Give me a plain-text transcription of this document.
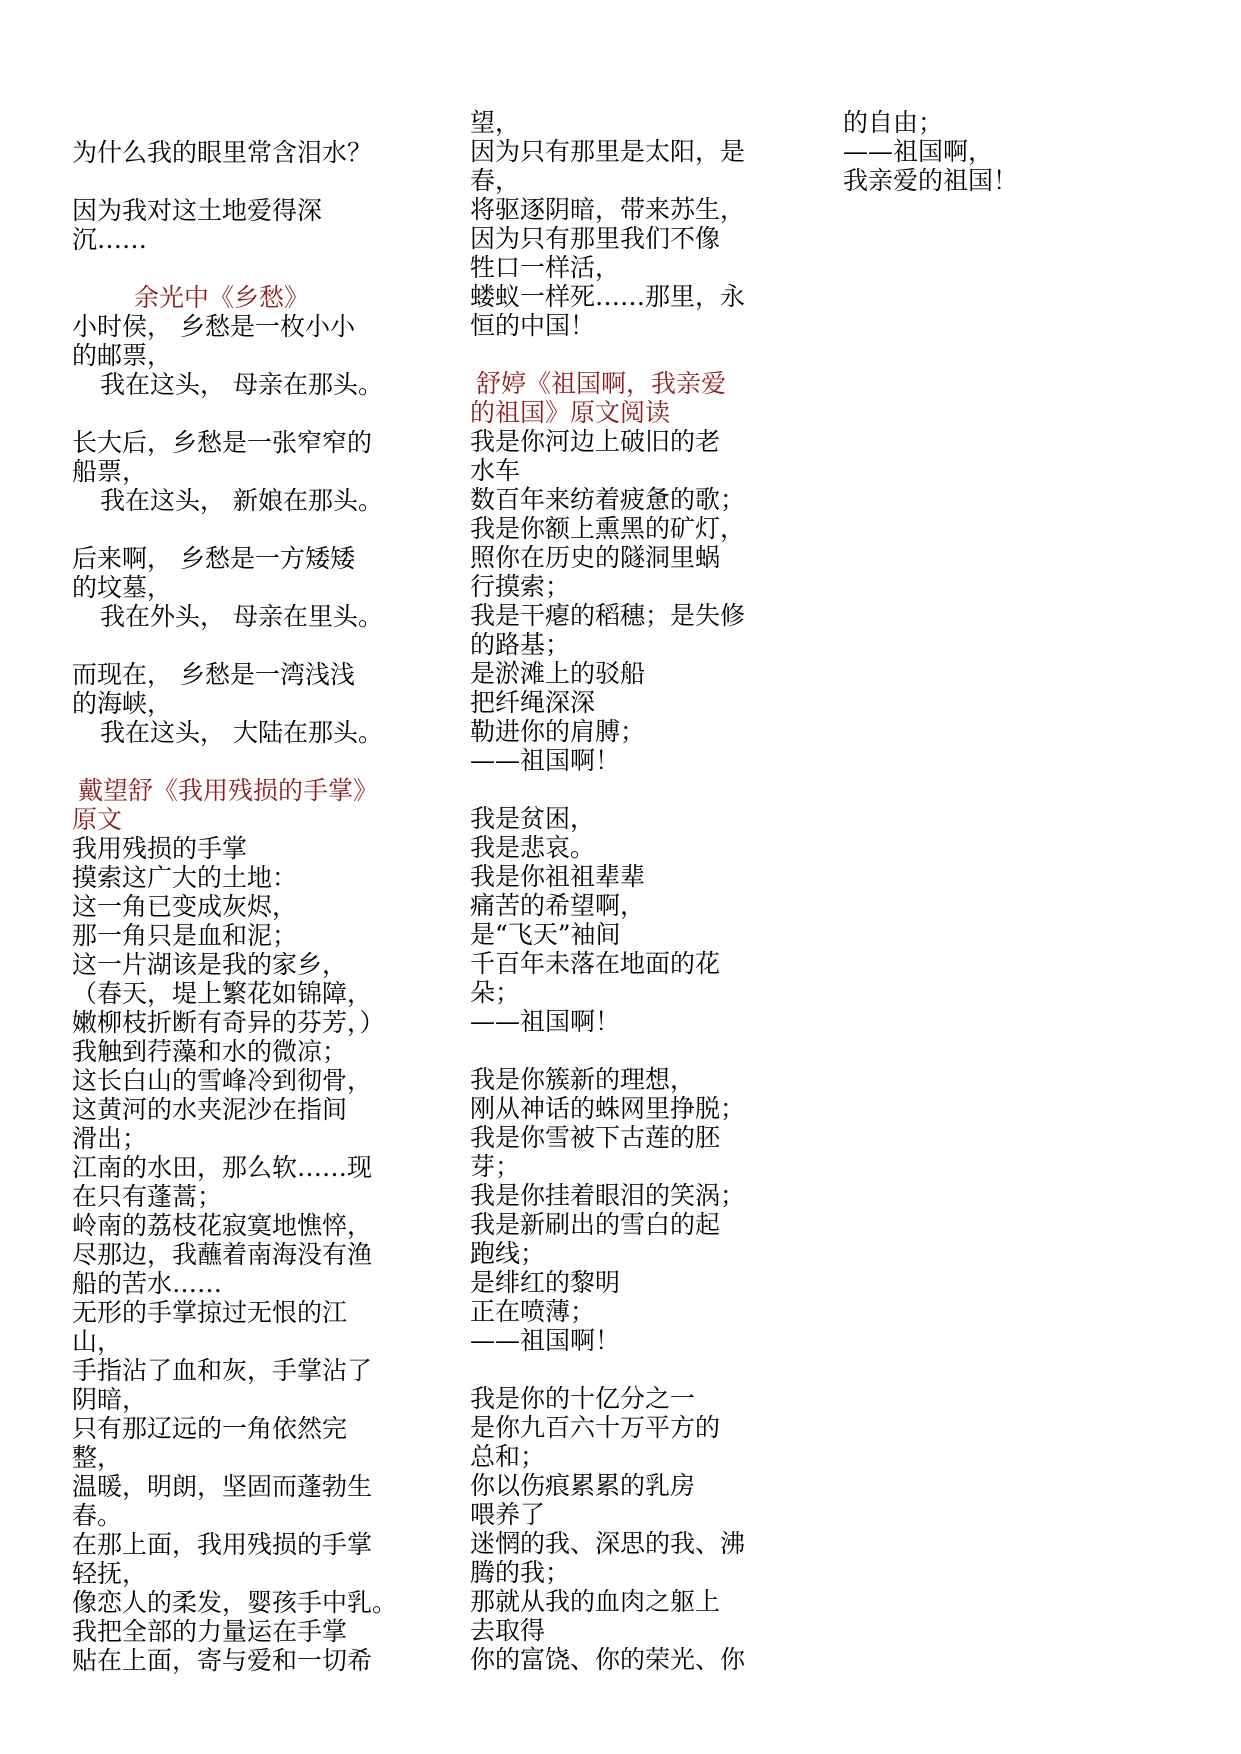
为什么我的眼里常含泪水？
因为我对这土地爱得深
沉……
余光中《乡愁》
小时侯， 乡愁是一枚小小
的邮票，
我在这头， 母亲在那头。
长大后，乡愁是一张窄窄的
船票，
我在这头， 新娘在那头。
后来啊， 乡愁是一方矮矮
的坟墓，
我在外头， 母亲在里头。
而现在， 乡愁是一湾浅浅
的海峡，
我在这头， 大陆在那头。
戴望舒《我用残损的手掌》
原文
我用残损的手掌
摸索这广大的土地：
这一角已变成灰烬，
那一角只是血和泥；
这一片湖该是我的家乡，
（春天，堤上繁花如锦障，
嫩柳枝折断有奇异的芬芳，）
我触到荇藻和水的微凉；
这长白山的雪峰冷到彻骨，
这黄河的水夹泥沙在指间
滑出；
江南的水田，那么软……现
在只有蓬蒿；
岭南的荔枝花寂寞地憔悴，
尽那边，我蘸着南海没有渔
船的苦水……
无形的手掌掠过无恨的江
山，
手指沾了血和灰，手掌沾了
阴暗，
只有那辽远的一角依然完
整，
温暖，明朗，坚固而蓬勃生
春。
在那上面，我用残损的手掌
轻抚，
像恋人的柔发，婴孩手中乳。
我把全部的力量运在手掌
贴在上面，寄与爱和一切希
望，
因为只有那里是太阳，是
春，
将驱逐阴暗，带来苏生，
因为只有那里我们不像
牲口一样活，
蝼蚁一样死……那里，永
恒的中国！
舒婷《祖国啊，我亲爱
的祖国》原文阅读
我是你河边上破旧的老
水车
数百年来纺着疲惫的歌；
我是你额上熏黑的矿灯，
照你在历史的隧洞里蜗
行摸索；
我是干瘪的稻穗；是失修
的路基；
是淤滩上的驳船
把纤绳深深
勒进你的肩膊；
——祖国啊！
我是贫困，
我是悲哀。
我是你祖祖辈辈
痛苦的希望啊，
是“飞天”袖间
千百年未落在地面的花
朵；
——祖国啊！
我是你簇新的理想，
刚从神话的蛛网里挣脱；
我是你雪被下古莲的胚
芽；
我是你挂着眼泪的笑涡；
我是新刷出的雪白的起
跑线；
是绯红的黎明
正在喷薄；
——祖国啊！
我是你的十亿分之一
是你九百六十万平方的
总和；
你以伤痕累累的乳房
喂养了
迷惘的我、深思的我、沸
腾的我；
那就从我的血肉之躯上
去取得
你的富饶、你的荣光、你
的自由；
——祖国啊，
我亲爱的祖国！
